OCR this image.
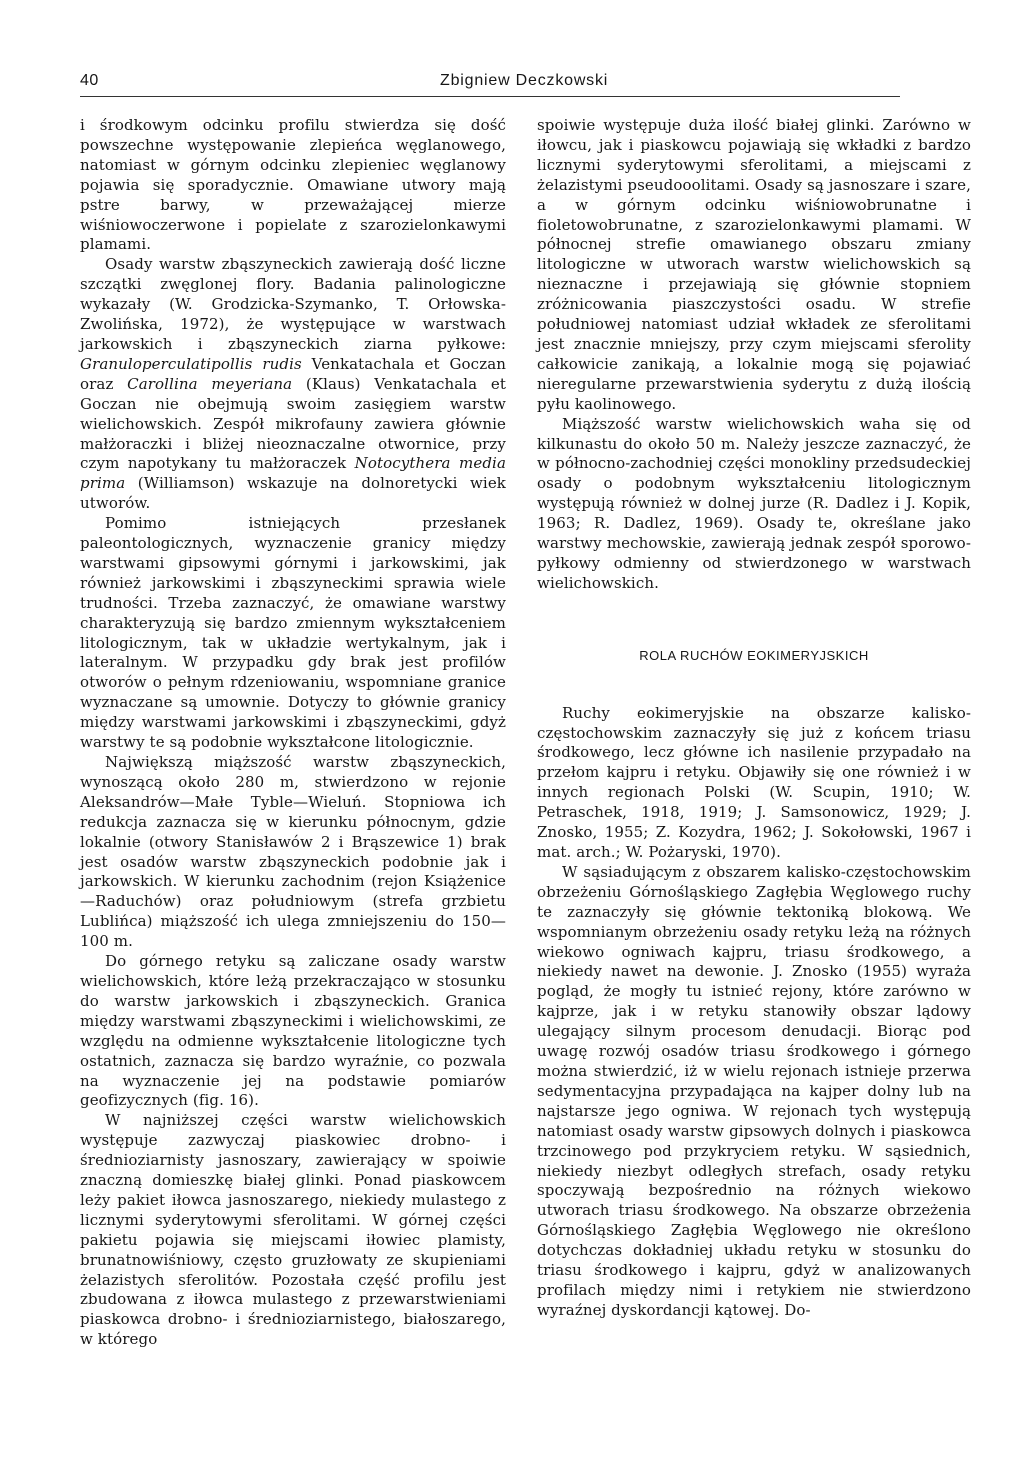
40	Zbigniew Deczkowski

i środkowym odcinku profilu stwierdza się dość powszechne występowanie zlepieńca węglanowego, natomiast w górnym odcinku zlepieniec węglanowy pojawia się sporadycznie. Omawiane utwory mają pstre barwy, w przeważającej mierze wiśniowoczerwone i popielate z szarozielonkawymi plamami.

Osady warstw zbąszyneckich zawierają dość liczne szczątki zwęglonej flory. Badania palinologiczne wykazały (W. Grodzicka-Szymanko, T. Orłowska-Zwolińska, 1972), że występujące w warstwach jarkowskich i zbąszyneckich ziarna pyłkowe: Granuloperculatipollis rudis Venkatachala et Goczan oraz Carollina meyeriana (Klaus) Venkatachala et Goczan nie obejmują swoim zasięgiem warstw wielichowskich. Zespół mikrofauny zawiera głównie małżoraczki i bliżej nieoznaczalne otwornice, przy czym napotykany tu małżoraczek Notocythera media prima (Williamson) wskazuje na dolnoretycki wiek utworów.

Pomimo istniejących przesłanek paleontologicznych, wyznaczenie granicy między warstwami gipsowymi górnymi i jarkowskimi, jak również jarkowskimi i zbąszyneckimi sprawia wiele trudności. Trzeba zaznaczyć, że omawiane warstwy charakteryzują się bardzo zmiennym wykształceniem litologicznym, tak w układzie wertykalnym, jak i lateralnym. W przypadku gdy brak jest profilów otworów o pełnym rdzeniowaniu, wspomniane granice wyznaczane są umownie. Dotyczy to głównie granicy między warstwami jarkowskimi i zbąszyneckimi, gdyż warstwy te są podobnie wykształcone litologicznie.

Największą miąższość warstw zbąszyneckich, wynoszącą około 280 m, stwierdzono w rejonie Aleksandrów—Małe Tyble—Wieluń. Stopniowa ich redukcja zaznacza się w kierunku północnym, gdzie lokalnie (otwory Stanisławów 2 i Brąszewice 1) brak jest osadów warstw zbąszyneckich podobnie jak i jarkowskich. W kierunku zachodnim (rejon Książenice—Raduchów) oraz południowym (strefa grzbietu Lublińca) miąższość ich ulega zmniejszeniu do 150—100 m.

Do górnego retyku są zaliczane osady warstw wielichowskich, które leżą przekraczająco w stosunku do warstw jarkowskich i zbąszyneckich. Granica między warstwami zbąszyneckimi i wielichowskimi, ze względu na odmienne wykształcenie litologiczne tych ostatnich, zaznacza się bardzo wyraźnie, co pozwala na wyznaczenie jej na podstawie pomiarów geofizycznych (fig. 16).

W najniższej części warstw wielichowskich występuje zazwyczaj piaskowiec drobno- i średnioziarnisty jasnoszary, zawierający w spoiwie znaczną domieszkę białej glinki. Ponad piaskowcem leży pakiet iłowca jasnoszarego, niekiedy mulastego z licznymi syderytowymi sferolitami. W górnej części pakietu pojawia się miejscami iłowiec plamisty, brunatnowiśniowy, często gruzłowaty ze skupieniami żelazistych sferolitów. Pozostała część profilu jest zbudowana z iłowca mulastego z przewarstwieniami piaskowca drobno- i średnioziarnistego, białoszarego, w którego

spoiwie występuje duża ilość białej glinki. Zarówno w iłowcu, jak i piaskowcu pojawiają się wkładki z bardzo licznymi syderytowymi sferolitami, a miejscami z żelazistymi pseudooolitami. Osady są jasnoszare i szare, a w górnym odcinku wiśniowobrunatne i fioletowobrunatne, z szarozielonkawymi plamami. W północnej strefie omawianego obszaru zmiany litologiczne w utworach warstw wielichowskich są nieznaczne i przejawiają się głównie stopniem zróżnicowania piaszczystości osadu. W strefie południowej natomiast udział wkładek ze sferolitami jest znacznie mniejszy, przy czym miejscami sferolity całkowicie zanikają, a lokalnie mogą się pojawiać nieregularne przewarstwienia syderytu z dużą ilością pyłu kaolinowego.

Miąższość warstw wielichowskich waha się od kilkunastu do około 50 m. Należy jeszcze zaznaczyć, że w północno-zachodniej części monokliny przedsudeckiej osady o podobnym wykształceniu litologicznym występują również w dolnej jurze (R. Dadlez i J. Kopik, 1963; R. Dadlez, 1969). Osady te, określane jako warstwy mechowskie, zawierają jednak zespół sporowo-pyłkowy odmienny od stwierdzonego w warstwach wielichowskich.

ROLA RUCHÓW EOKIMERYJSKICH

Ruchy eokimeryjskie na obszarze kalisko-częstochowskim zaznaczyły się już z końcem triasu środkowego, lecz główne ich nasilenie przypadało na przełom kajpru i retyku. Objawiły się one również i w innych regionach Polski (W. Scupin, 1910; W. Petraschek, 1918, 1919; J. Samsonowicz, 1929; J. Znosko, 1955; Z. Kozydra, 1962; J. Sokołowski, 1967 i mat. arch.; W. Pożaryski, 1970).

W sąsiadującym z obszarem kalisko-częstochowskim obrzeżeniu Górnośląskiego Zagłębia Węglowego ruchy te zaznaczyły się głównie tektoniką blokową. We wspomnianym obrzeżeniu osady retyku leżą na różnych wiekowo ogniwach kajpru, triasu środkowego, a niekiedy nawet na dewonie. J. Znosko (1955) wyraża pogląd, że mogły tu istnieć rejony, które zarówno w kajprze, jak i w retyku stanowiły obszar lądowy ulegający silnym procesom denudacji. Biorąc pod uwagę rozwój osadów triasu środkowego i górnego można stwierdzić, iż w wielu rejonach istnieje przerwa sedymentacyjna przypadająca na kajper dolny lub na najstarsze jego ogniwa. W rejonach tych występują natomiast osady warstw gipsowych dolnych i piaskowca trzcinowego pod przykryciem retyku. W sąsiednich, niekiedy niezbyt odległych strefach, osady retyku spoczywają bezpośrednio na różnych wiekowo utworach triasu środkowego. Na obszarze obrzeżenia Górnośląskiego Zagłębia Węglowego nie określono dotychczas dokładniej układu retyku w stosunku do triasu środkowego i kajpru, gdyż w analizowanych profilach między nimi i retykiem nie stwierdzono wyraźnej dyskordancji kątowej. Do-
